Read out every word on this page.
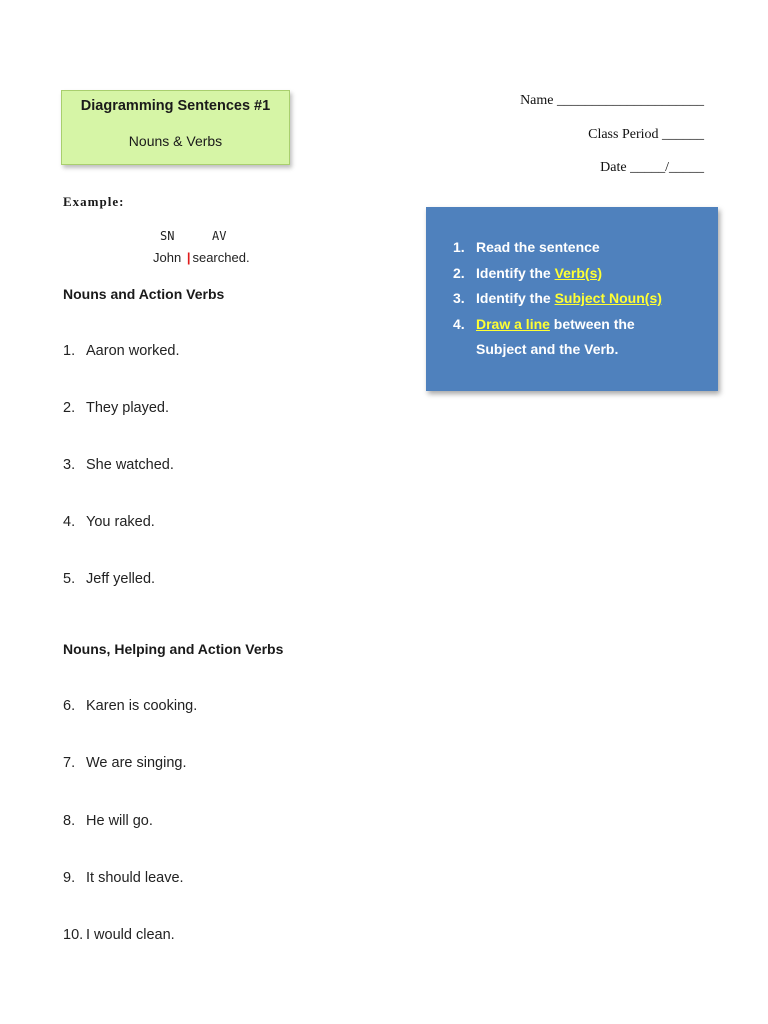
Diagramming Sentences #1
Nouns & Verbs
Name _____________________
Class Period ______
Date _____/_____
Example:
SN	AV
John | searched.
1. Read the sentence
2. Identify the Verb(s)
3. Identify the Subject Noun(s)
4. Draw a line between the
Subject and the Verb.
Nouns and Action Verbs
1. Aaron worked.
2. They played.
3. She watched.
4. You raked.
5. Jeff yelled.
Nouns, Helping and Action Verbs
6. Karen is cooking.
7. We are singing.
8. He will go.
9. It should leave.
10. I would clean.
